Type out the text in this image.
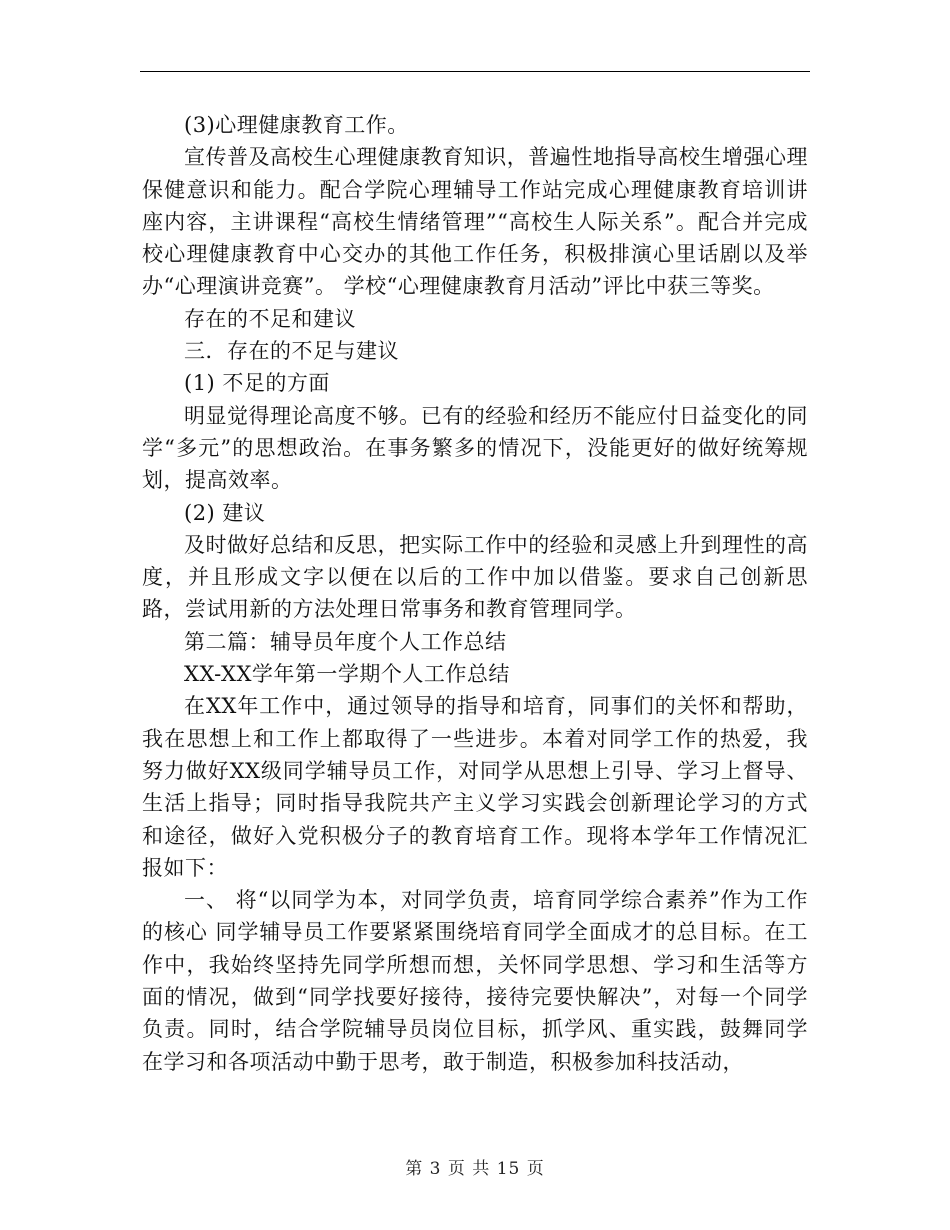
(3)心理健康教育工作。

宣传普及高校生心理健康教育知识，普遍性地指导高校生增强心理保健意识和能力。配合学院心理辅导工作站完成心理健康教育培训讲座内容，主讲课程“高校生情绪管理”“高校生人际关系”。配合并完成校心理健康教育中心交办的其他工作任务，积极排演心里话剧以及举办“心理演讲竞赛”。 学校“心理健康教育月活动”评比中获三等奖。

存在的不足和建议

三．存在的不足与建议

(1) 不足的方面

明显觉得理论高度不够。已有的经验和经历不能应付日益变化的同学“多元”的思想政治。在事务繁多的情况下，没能更好的做好统筹规划，提高效率。

(2) 建议

及时做好总结和反思，把实际工作中的经验和灵感上升到理性的高度，并且形成文字以便在以后的工作中加以借鉴。要求自己创新思路，尝试用新的方法处理日常事务和教育管理同学。

第二篇：辅导员年度个人工作总结

XX-XX学年第一学期个人工作总结

在XX年工作中，通过领导的指导和培育，同事们的关怀和帮助，我在思想上和工作上都取得了一些进步。本着对同学工作的热爱，我努力做好XX级同学辅导员工作，对同学从思想上引导、学习上督导、生活上指导；同时指导我院共产主义学习实践会创新理论学习的方式和途径，做好入党积极分子的教育培育工作。现将本学年工作情况汇报如下：

一、 将“以同学为本，对同学负责，培育同学综合素养”作为工作的核心 同学辅导员工作要紧紧围绕培育同学全面成才的总目标。在工作中，我始终坚持先同学所想而想，关怀同学思想、学习和生活等方面的情况，做到“同学找要好接待，接待完要快解决”，对每一个同学负责。同时，结合学院辅导员岗位目标，抓学风、重实践，鼓舞同学在学习和各项活动中勤于思考，敢于制造，积极参加科技活动，

第 3 页 共 15 页
